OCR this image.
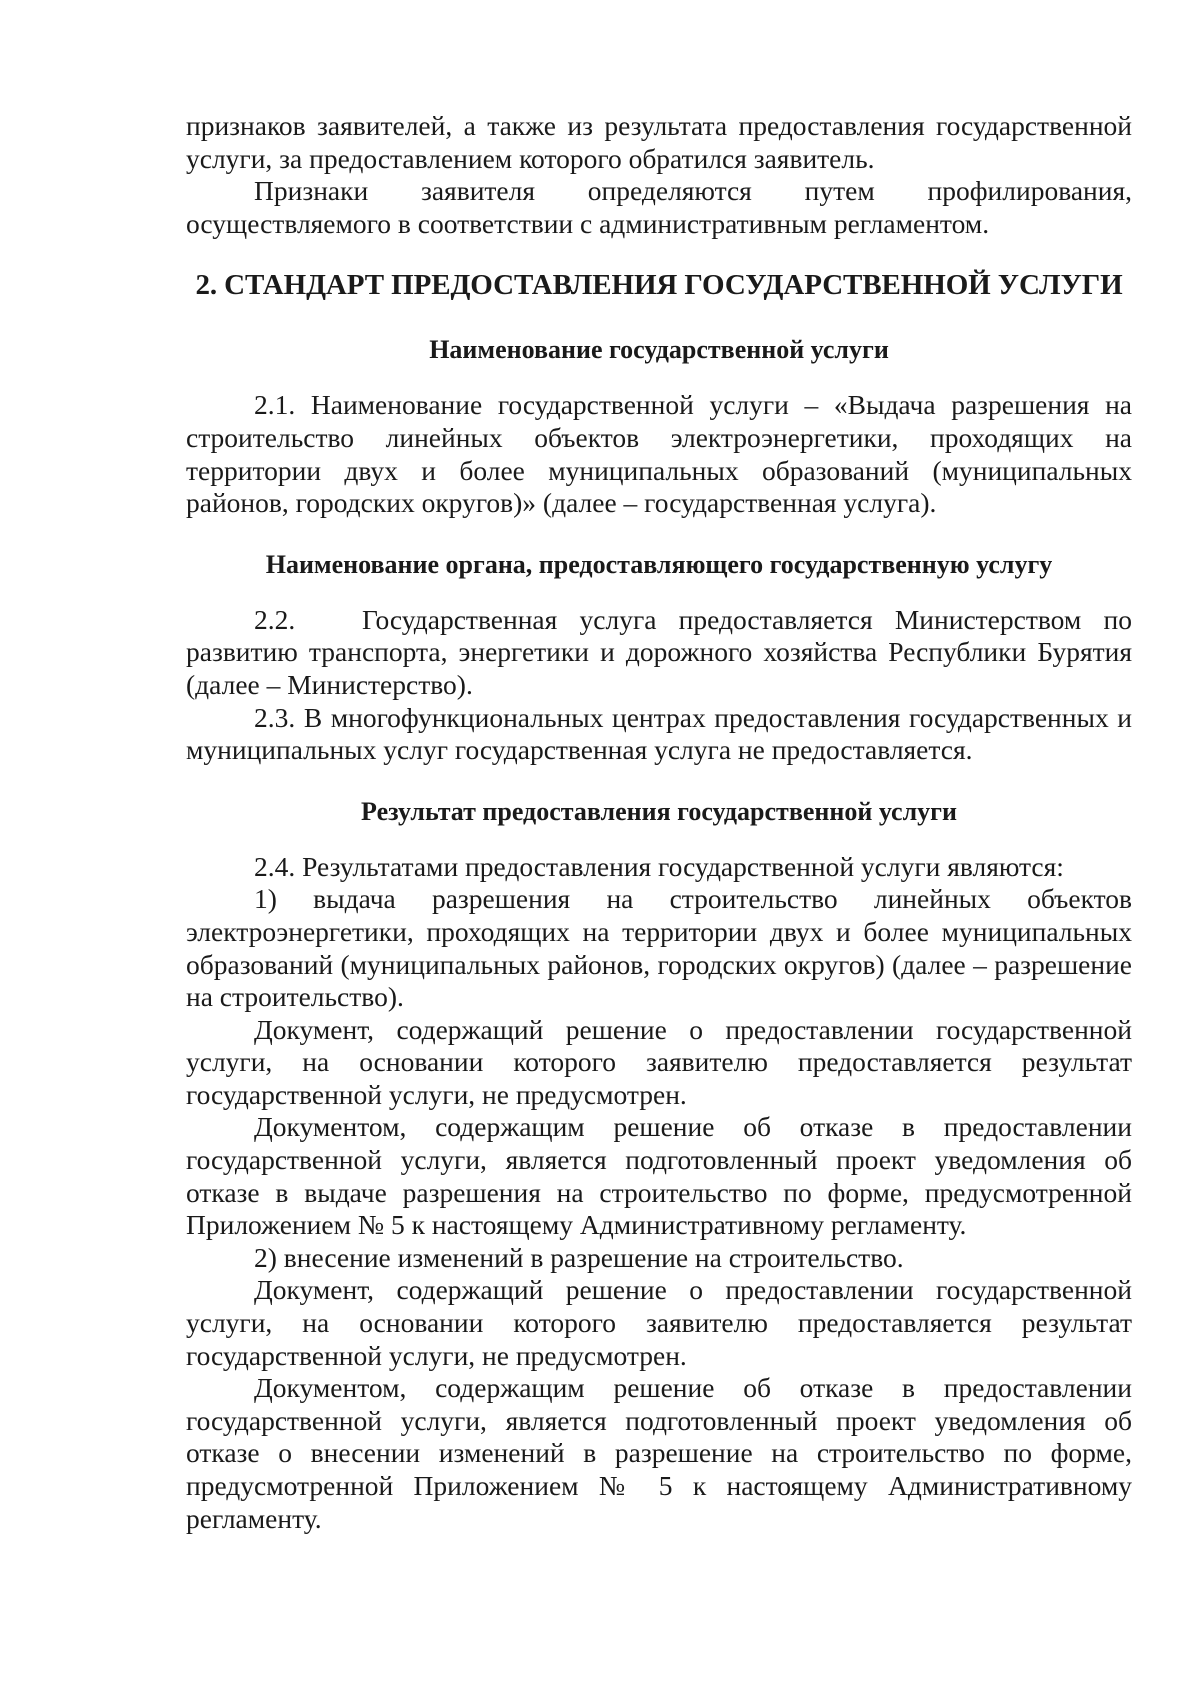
признаков заявителей, а также из результата предоставления государственной услуги, за предоставлением которого обратился заявитель.

Признаки заявителя определяются путем профилирования, осуществляемого в соответствии с административным регламентом.

2. СТАНДАРТ ПРЕДОСТАВЛЕНИЯ ГОСУДАРСТВЕННОЙ УСЛУГИ
Наименование государственной услуги

2.1. Наименование государственной услуги – «Выдача разрешения на строительство линейных объектов электроэнергетики, проходящих на территории двух и более муниципальных образований (муниципальных районов, городских округов)» (далее – государственная услуга).

Наименование органа, предоставляющего государственную услугу

2.2.   Государственная услуга предоставляется Министерством по развитию транспорта, энергетики и дорожного хозяйства Республики Бурятия (далее – Министерство).

2.3. В многофункциональных центрах предоставления государственных и муниципальных услуг государственная услуга не предоставляется.

Результат предоставления государственной услуги

2.4. Результатами предоставления государственной услуги являются:

1) выдача разрешения на строительство линейных объектов электроэнергетики, проходящих на территории двух и более муниципальных образований (муниципальных районов, городских округов) (далее – разрешение на строительство).

Документ, содержащий решение о предоставлении государственной услуги, на основании которого заявителю предоставляется результат государственной услуги, не предусмотрен.

Документом, содержащим решение об отказе в предоставлении государственной услуги, является подготовленный проект уведомления об отказе в выдаче разрешения на строительство по форме, предусмотренной Приложением № 5 к настоящему Административному регламенту.

2) внесение изменений в разрешение на строительство.

Документ, содержащий решение о предоставлении государственной услуги, на основании которого заявителю предоставляется результат государственной услуги, не предусмотрен.

Документом, содержащим решение об отказе в предоставлении государственной услуги, является подготовленный проект уведомления об отказе о внесении изменений в разрешение на строительство по форме, предусмотренной Приложением № 5 к настоящему Административному регламенту.
